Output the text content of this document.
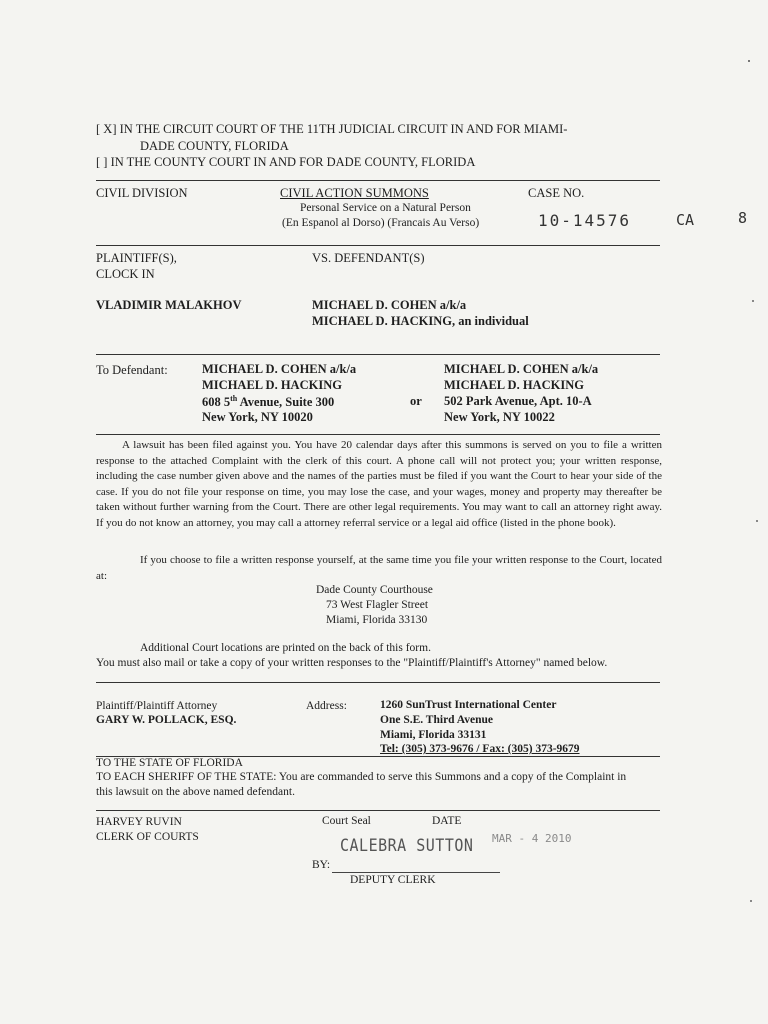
[ X] IN THE CIRCUIT COURT OF THE 11TH JUDICIAL CIRCUIT IN AND FOR MIAMI-
DADE COUNTY, FLORIDA
[ ] IN THE COUNTY COURT IN AND FOR DADE COUNTY, FLORIDA
CIVIL DIVISION	CIVIL ACTION SUMMONS	CASE NO.
Personal Service on a Natural Person
(En Espanol al Dorso) (Francais Au Verso)	10-14576	CA	8
PLAINTIFF(S),
CLOCK IN
VS. DEFENDANT(S)
VLADIMIR MALAKHOV	MICHAEL D. COHEN a/k/a
MICHAEL D. HACKING, an individual
To Defendant:	MICHAEL D. COHEN a/k/a
MICHAEL D. HACKING
608 5th Avenue, Suite 300
New York, NY 10020
or
MICHAEL D. COHEN a/k/a
MICHAEL D. HACKING
502 Park Avenue, Apt. 10-A
New York, NY 10022
A lawsuit has been filed against you. You have 20 calendar days after this summons is served on you to file a written response to the attached Complaint with the clerk of this court. A phone call will not protect you; your written response, including the case number given above and the names of the parties must be filed if you want the Court to hear your side of the case. If you do not file your response on time, you may lose the case, and your wages, money and property may thereafter be taken without further warning from the Court. There are other legal requirements. You may want to call an attorney right away. If you do not know an attorney, you may call a attorney referral service or a legal aid office (listed in the phone book).
If you choose to file a written response yourself, at the same time you file your written response to the Court, located at:
Dade County Courthouse
73 West Flagler Street
Miami, Florida 33130
Additional Court locations are printed on the back of this form.
You must also mail or take a copy of your written responses to the "Plaintiff/Plaintiff's Attorney" named below.
Plaintiff/Plaintiff Attorney
GARY W. POLLACK, ESQ.
Address:	1260 SunTrust International Center
One S.E. Third Avenue
Miami, Florida 33131
Tel: (305) 373-9676 / Fax: (305) 373-9679
TO THE STATE OF FLORIDA
TO EACH SHERIFF OF THE STATE: You are commanded to serve this Summons and a copy of the Complaint in
this lawsuit on the above named defendant.
HARVEY RUVIN
CLERK OF COURTS
Court Seal	DATE
CALEBRA SUTTON MAR - 4 2010
BY:
DEPUTY CLERK
